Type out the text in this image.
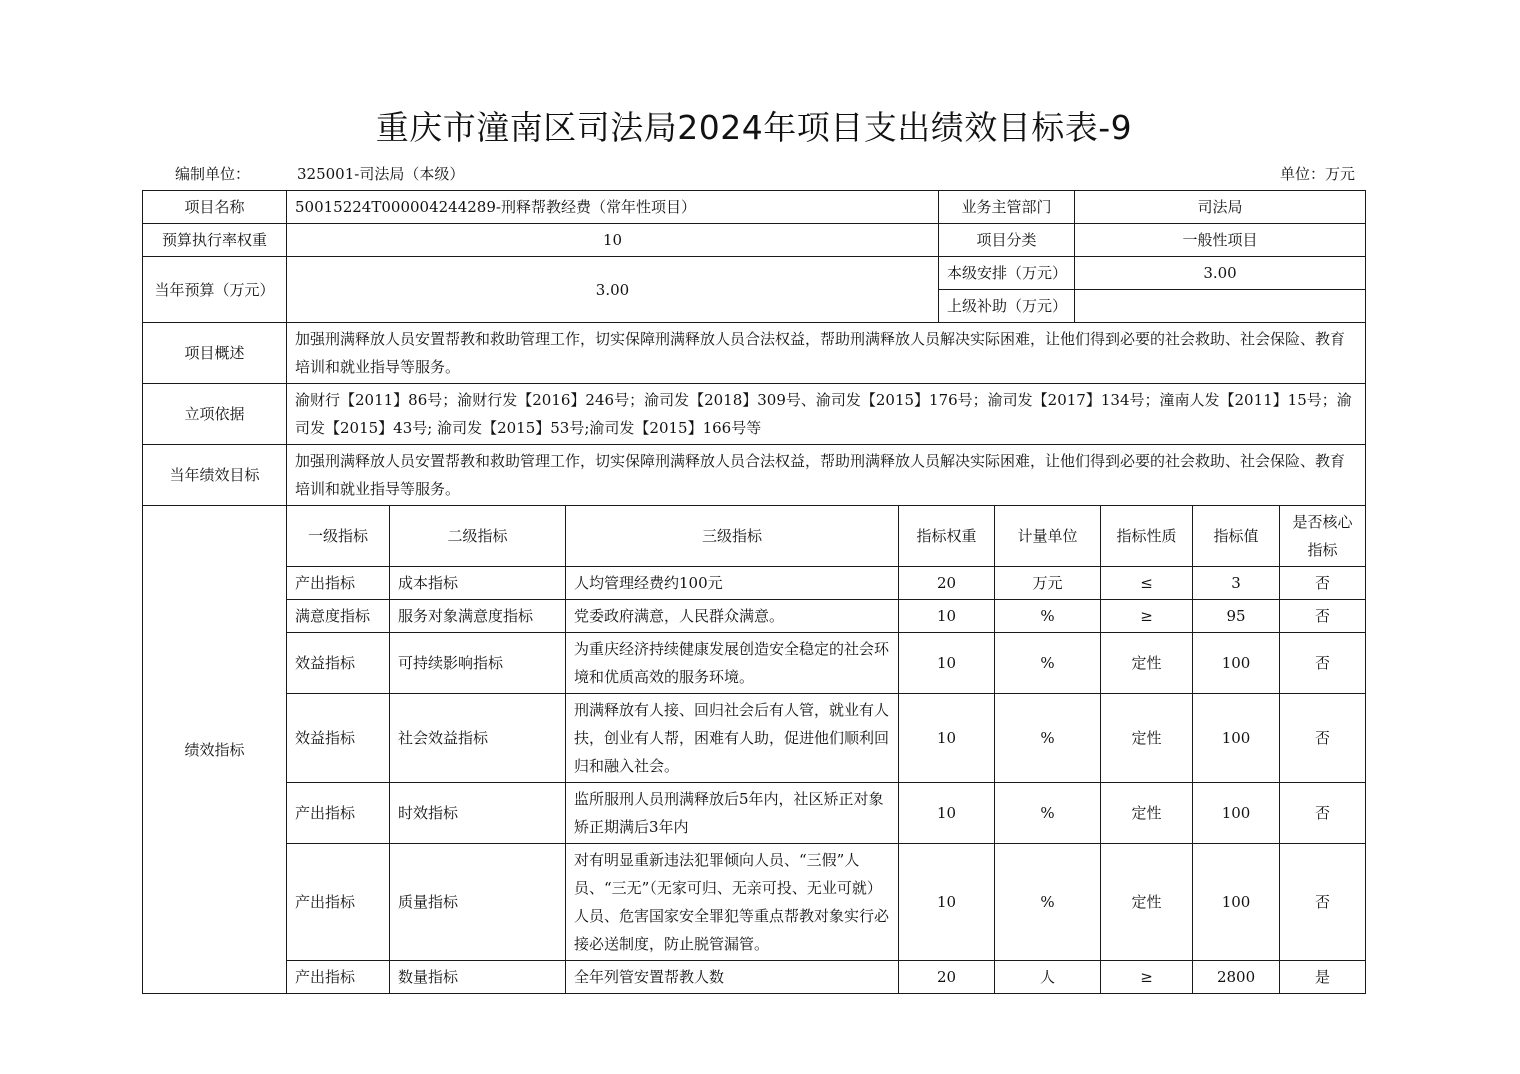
重庆市潼南区司法局2024年项目支出绩效目标表-9
编制单位：	325001-司法局（本级）	单位：万元
项目名称	50015224T000004244289-刑释帮教经费（常年性项目）				业务主管部门		司法局			
预算执行率权重	10				项目分类		一般性项目			
当年预算（万元）	3.00				本级安排（万元）		3.00			
					上级补助（万元）					
项目概述	加强刑满释放人员安置帮教和救助管理工作，切实保障刑满释放人员合法权益，帮助刑满释放人员解决实际困难，让他们得到必要的社会救助、社会保险、教育培训和就业指导等服务。									
立项依据	渝财行【2011】86号；渝财行发【2016】246号；渝司发【2018】309号、渝司发【2015】176号；渝司发【2017】134号；潼南人发【2011】15号；渝司发【2015】43号; 渝司发【2015】53号;渝司发【2015】166号等									
当年绩效目标	加强刑满释放人员安置帮教和救助管理工作，切实保障刑满释放人员合法权益，帮助刑满释放人员解决实际困难，让他们得到必要的社会救助、社会保险、教育培训和就业指导等服务。									
绩效指标	一级指标	二级指标	三级指标	指标权重		计量单位		指标性质	指标值	是否核心指标
	产出指标	成本指标	人均管理经费约100元	20		万元		≤	3	否
	满意度指标	服务对象满意度指标	党委政府满意，人民群众满意。	10		%		≥	95	否
	效益指标	可持续影响指标	为重庆经济持续健康发展创造安全稳定的社会环境和优质高效的服务环境。	10		%		定性	100	否
	效益指标	社会效益指标	刑满释放有人接、回归社会后有人管，就业有人扶，创业有人帮，困难有人助，促进他们顺利回归和融入社会。	10		%		定性	100	否
	产出指标	时效指标	监所服刑人员刑满释放后5年内，社区矫正对象矫正期满后3年内	10		%		定性	100	否
	产出指标	质量指标	对有明显重新违法犯罪倾向人员、“三假”人员、“三无”（无家可归、无亲可投、无业可就）人员、危害国家安全罪犯等重点帮教对象实行必接必送制度，防止脱管漏管。	10		%		定性	100	否
	产出指标	数量指标	全年列管安置帮教人数	20		人		≥	2800	是
